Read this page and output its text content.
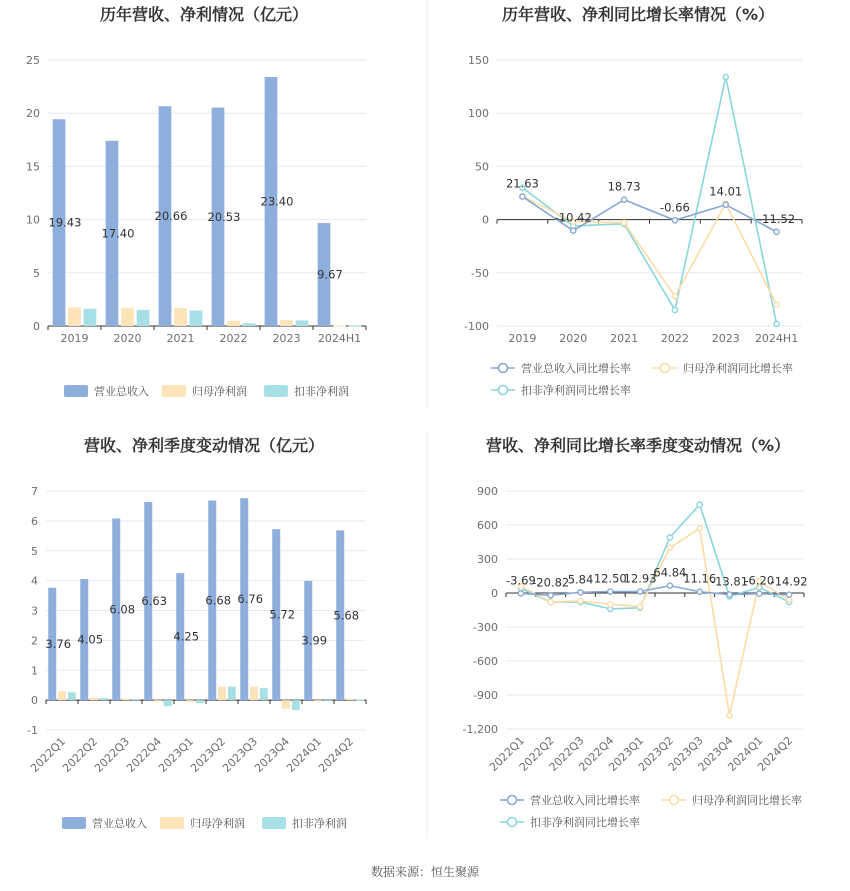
数据来源：恒生聚源
历年营收、净利情况（亿元）
0
5
10
15
20
25
2019 2020 2021 2022 2023 2024H1
19.43
17.40
20.66 20.53
23.40
9.67
营业总收入	归母净利润	扣非净利润
历年营收、净利同比增长率情况（%）
-100
-50
0
50
100
150
2019 2020 2021 2022 2023 2024H1
21.63
-10.42
18.73
-0.66
14.01
-11.52
营业总收入同比增长率	归母净利润同比增长率
扣非净利润同比增长率
营收、净利季度变动情况（亿元）
-1
0
1
2
3
4
5
6
7
2022Q1
2022Q2
2022Q3
2022Q4
2023Q1
2023Q2
2023Q3
2023Q4
2024Q1
2024Q2
3.76 4.05
6.08
6.63
4.25
6.68 6.76
5.72
3.99
5.68
营业总收入	归母净利润	扣非净利润
营收、净利同比增长率季度变动情况（%）
-1,200
-900
-600
-300
0
300
600
900
2022Q1
2022Q2
2022Q3
2022Q4
2023Q1
2023Q2
2023Q3
2023Q4
2024Q1
2024Q2
-3.69
-20.82
5.84 12.50
12.93
64.84
11.16
-13.81
-6.20
-14.92
营业总收入同比增长率	归母净利润同比增长率
扣非净利润同比增长率
